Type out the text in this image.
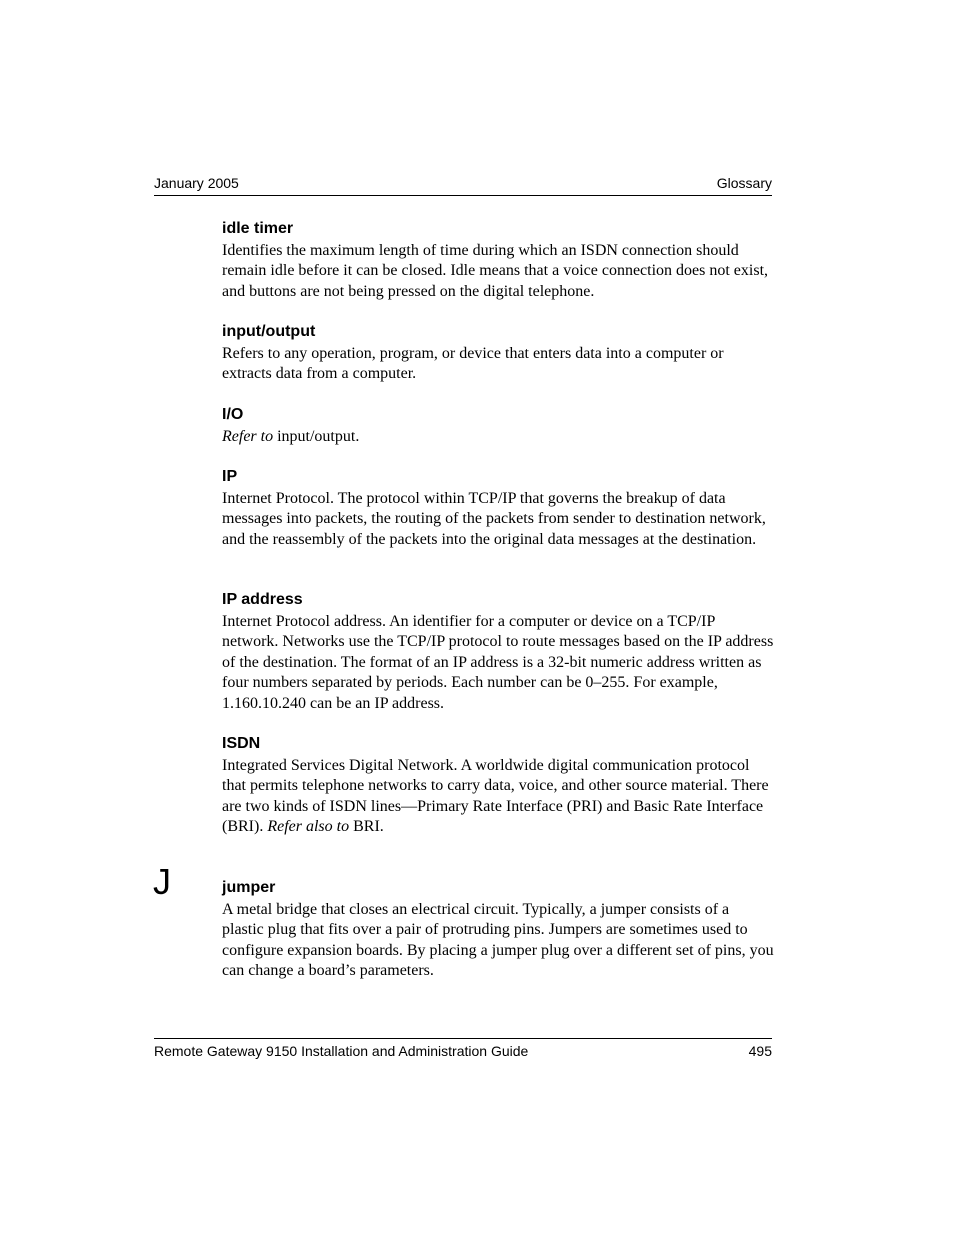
January 2005	Glossary
idle timer

Identifies the maximum length of time during which an ISDN connection should remain idle before it can be closed. Idle means that a voice connection does not exist, and buttons are not being pressed on the digital telephone.

input/output

Refers to any operation, program, or device that enters data into a computer or extracts data from a computer.

I/O

Refer to input/output.

IP

Internet Protocol. The protocol within TCP/IP that governs the breakup of data messages into packets, the routing of the packets from sender to destination network, and the reassembly of the packets into the original data messages at the destination.

IP address

Internet Protocol address. An identifier for a computer or device on a TCP/IP network. Networks use the TCP/IP protocol to route messages based on the IP address of the destination. The format of an IP address is a 32-bit numeric address written as four numbers separated by periods. Each number can be 0–255. For example, 1.160.10.240 can be an IP address.

ISDN

Integrated Services Digital Network. A worldwide digital communication protocol that permits telephone networks to carry data, voice, and other source material. There are two kinds of ISDN lines—Primary Rate Interface (PRI) and Basic Rate Interface (BRI). Refer also to BRI.

J	jumper

A metal bridge that closes an electrical circuit. Typically, a jumper consists of a plastic plug that fits over a pair of protruding pins. Jumpers are sometimes used to configure expansion boards. By placing a jumper plug over a different set of pins, you can change a board’s parameters.

Remote Gateway 9150 Installation and Administration Guide	495
